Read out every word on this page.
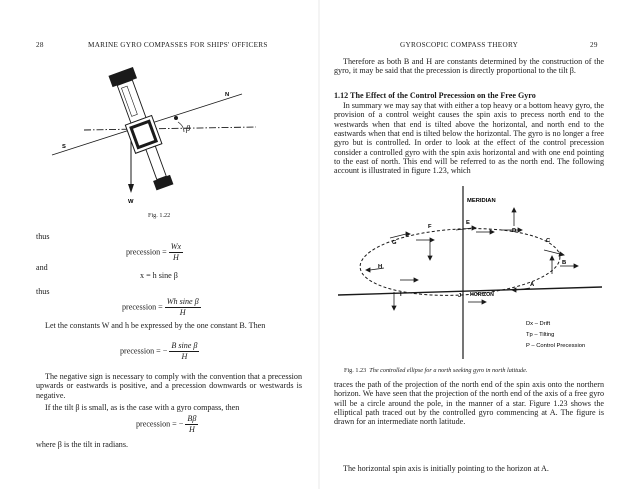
28	MARINE GYRO COMPASSES FOR SHIPS' OFFICERS
N
S
β
W
Fig. 1.22
thus
precession = $\frac{Wx}{H}$
and
x = h sine β
thus
precession = $\frac{\text{Wh sine β}}{H}$
Let the constants W and h be expressed by the one constant B. Then
precession = − $\frac{\text{B sine β}}{H}$
The negative sign is necessary to comply with the convention that a precession upwards or eastwards is positive, and a precession downwards or westwards is negative.
If the tilt β is small, as is the case with a gyro compass, then
precession = − $\frac{B\beta}{H}$
where β is the tilt in radians.
GYROSCOPIC COMPASS THEORY	29
Therefore as both B and H are constants determined by the construction of the gyro, it may be said that the precession is directly proportional to the tilt β.
1.12 The Effect of the Control Precession on the Free Gyro
In summary we may say that with either a top heavy or a bottom heavy gyro, the provision of a control weight causes the spin axis to precess north end to the westwards when that end is tilted above the horizontal, and north end to the eastwards when that end is tilted below the horizontal. The gyro is no longer a free gyro but is controlled. In order to look at the effect of the control precession consider a controlled gyro with the spin axis horizontal and with one end pointing to the east of north. This end will be referred to as the north end. The following account is illustrated in figure 1.23, which
MERIDIAN
HORIZON
A
B
C
D
E
F
G
H
I	J
Dx – Drift
Tp – Tilting
P – Control Precession
Fig. 1.23 The controlled ellipse for a north seeking gyro in north latitude.
traces the path of the projection of the north end of the spin axis onto the northern horizon. We have seen that the projection of the north end of the axis of a free gyro will be a circle around the pole, in the manner of a star. Figure 1.23 shows the elliptical path traced out by the controlled gyro commencing at A. The figure is drawn for an intermediate north latitude.
The horizontal spin axis is initially pointing to the horizon at A.
